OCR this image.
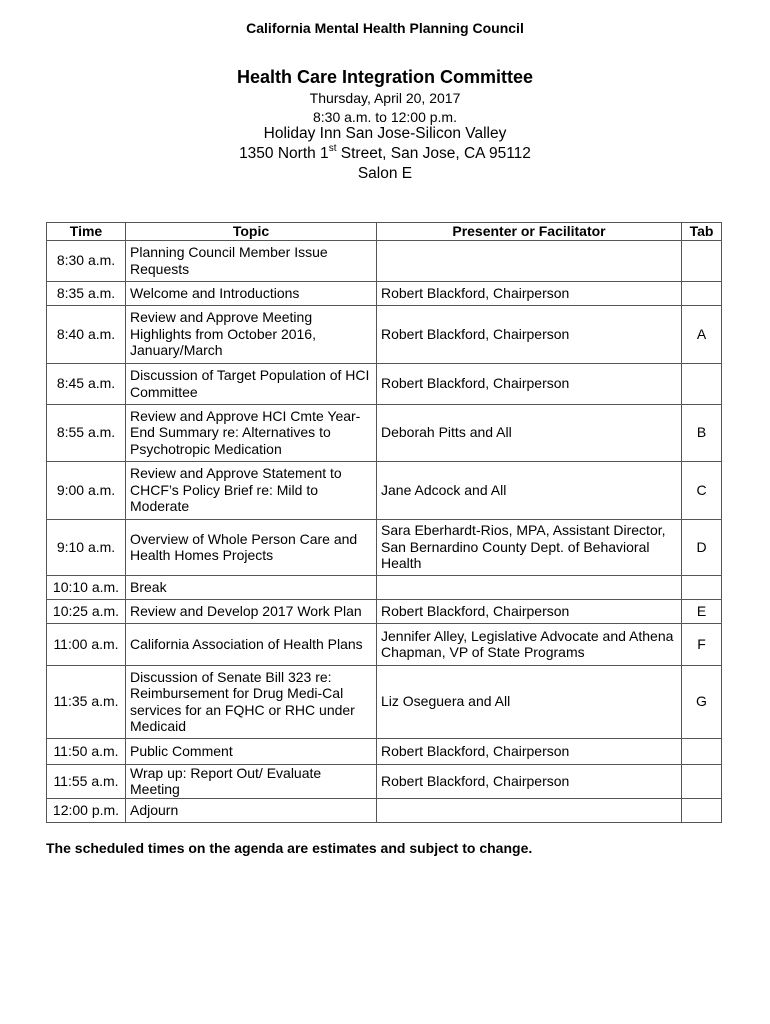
California Mental Health Planning Council
Health Care Integration Committee
Thursday, April 20, 2017
8:30 a.m. to 12:00 p.m.
Holiday Inn San Jose-Silicon Valley
1350 North 1st Street, San Jose, CA 95112
Salon E
Time	Topic	Presenter or Facilitator	Tab
8:30 a.m.	Planning Council Member Issue Requests		
8:35 a.m.	Welcome and Introductions	Robert Blackford, Chairperson	
8:40 a.m.	Review and Approve Meeting Highlights from October 2016, January/March	Robert Blackford, Chairperson	A
8:45 a.m.	Discussion of Target Population of HCI Committee	Robert Blackford, Chairperson	
8:55 a.m.	Review and Approve HCI Cmte Year-End Summary re: Alternatives to Psychotropic Medication	Deborah Pitts and All	B
9:00 a.m.	Review and Approve Statement to CHCF’s Policy Brief re: Mild to Moderate	Jane Adcock and All	C
9:10 a.m.	Overview of Whole Person Care and Health Homes Projects	Sara Eberhardt-Rios, MPA, Assistant Director, San Bernardino County Dept. of Behavioral Health	D
10:10 a.m.	Break		
10:25 a.m.	Review and Develop 2017 Work Plan	Robert Blackford, Chairperson	E
11:00 a.m.	California Association of Health Plans	Jennifer Alley, Legislative Advocate and Athena Chapman, VP of State Programs	F
11:35 a.m.	Discussion of Senate Bill 323 re: Reimbursement for Drug Medi-Cal services for an FQHC or RHC under Medicaid	Liz Oseguera and All	G
11:50 a.m.	Public Comment	Robert Blackford, Chairperson	
11:55 a.m.	Wrap up: Report Out/ Evaluate Meeting	Robert Blackford, Chairperson	
12:00 p.m.	Adjourn		
The scheduled times on the agenda are estimates and subject to change.
